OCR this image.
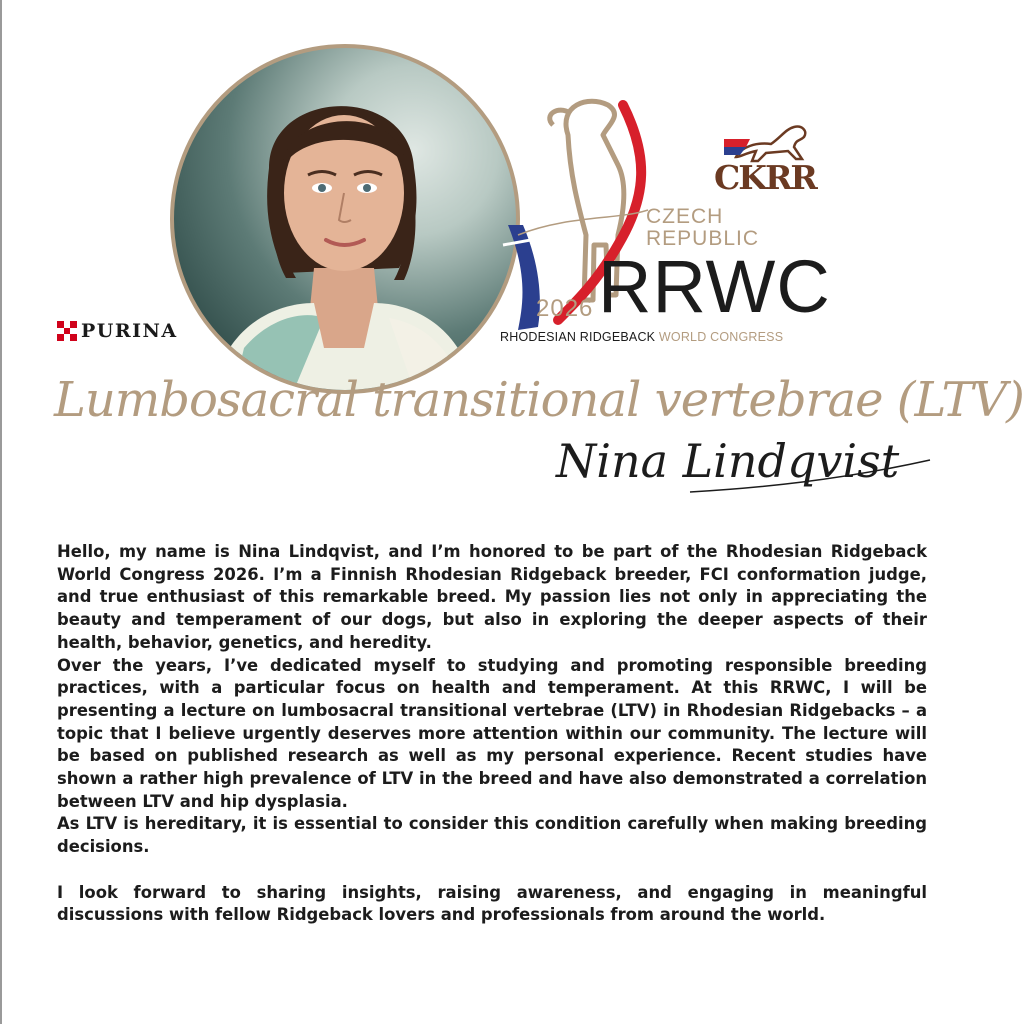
PURINA
CZECH
REPUBLIC
2026 RRWC
RHODESIAN RIDGEBACK WORLD CONGRESS
CKRR
Lumbosacral transitional vertebrae (LTV)
Nina Lindqvist

Hello, my name is Nina Lindqvist, and I’m honored to be part of the Rhodesian Ridgeback World Congress 2026. I’m a Finnish Rhodesian Ridgeback breeder, FCI conformation judge, and true enthusiast of this remarkable breed. My passion lies not only in appreciating the beauty and temperament of our dogs, but also in exploring the deeper aspects of their health, behavior, genetics, and heredity.

Over the years, I’ve dedicated myself to studying and promoting responsible breeding practices, with a particular focus on health and temperament. At this RRWC, I will be presenting a lecture on lumbosacral transitional vertebrae (LTV) in Rhodesian Ridgebacks – a topic that I believe urgently deserves more attention within our community. The lecture will be based on published research as well as my personal experience. Recent studies have shown a rather high prevalence of LTV in the breed and have also demonstrated a correlation between LTV and hip dysplasia.

As LTV is hereditary, it is essential to consider this condition carefully when making breeding decisions.

I look forward to sharing insights, raising awareness, and engaging in meaningful discussions with fellow Ridgeback lovers and professionals from around the world.
